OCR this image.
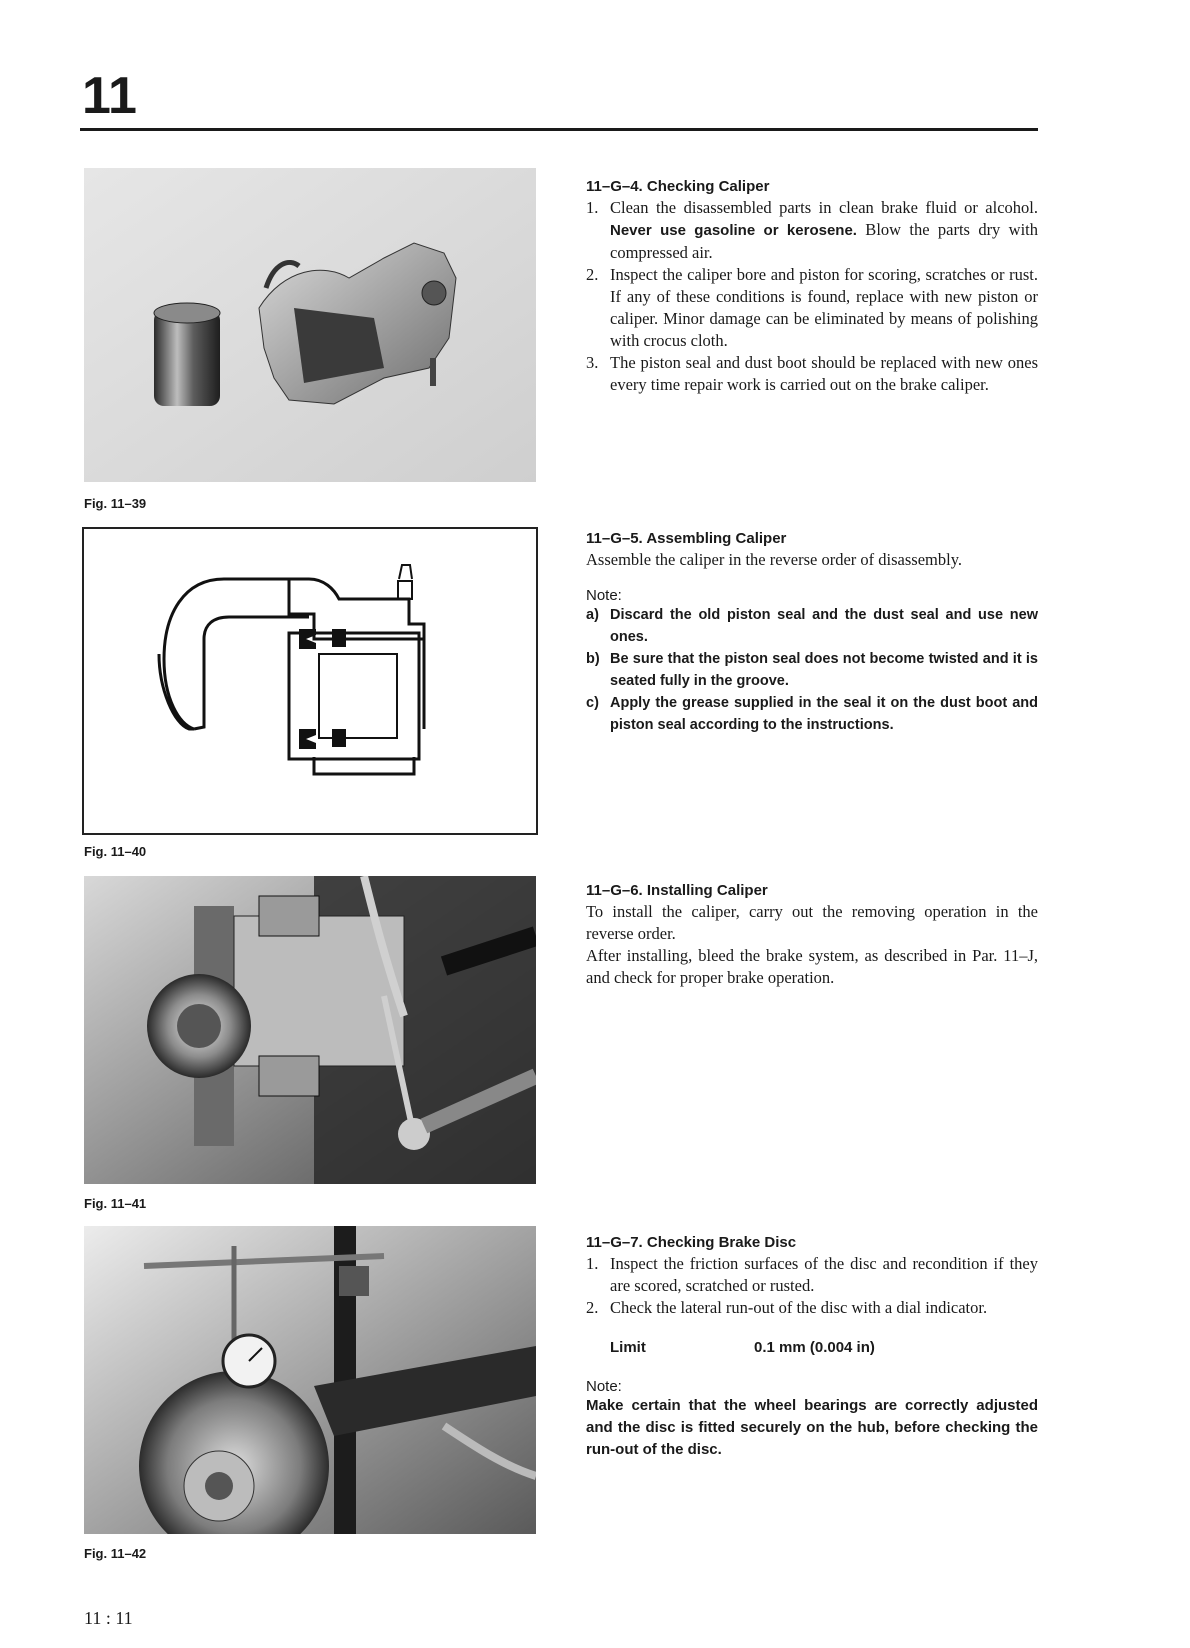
11
Fig. 11–39
Fig. 11–40
Fig. 11–41
Fig. 11–42
11 : 11
11–G–4. Checking Caliper
1. Clean the disassembled parts in clean brake fluid or alcohol. Never use gasoline or kerosene. Blow the parts dry with compressed air.
2. Inspect the caliper bore and piston for scoring, scratches or rust. If any of these conditions is found, replace with new piston or caliper. Minor damage can be eliminated by means of polishing with crocus cloth.
3. The piston seal and dust boot should be replaced with new ones every time repair work is carried out on the brake caliper.
11–G–5. Assembling Caliper
Assemble the caliper in the reverse order of disassembly.
Note:
a) Discard the old piston seal and the dust seal and use new ones.
b) Be sure that the piston seal does not become twisted and it is seated fully in the groove.
c) Apply the grease supplied in the seal it on the dust boot and piston seal according to the instructions.
11–G–6. Installing Caliper
To install the caliper, carry out the removing operation in the reverse order.
After installing, bleed the brake system, as described in Par. 11–J, and check for proper brake operation.
11–G–7. Checking Brake Disc
1. Inspect the friction surfaces of the disc and recondition if they are scored, scratched or rusted.
2. Check the lateral run-out of the disc with a dial indicator.
Limit	0.1 mm (0.004 in)
Note:
Make certain that the wheel bearings are correctly adjusted and the disc is fitted securely on the hub, before checking the run-out of the disc.
